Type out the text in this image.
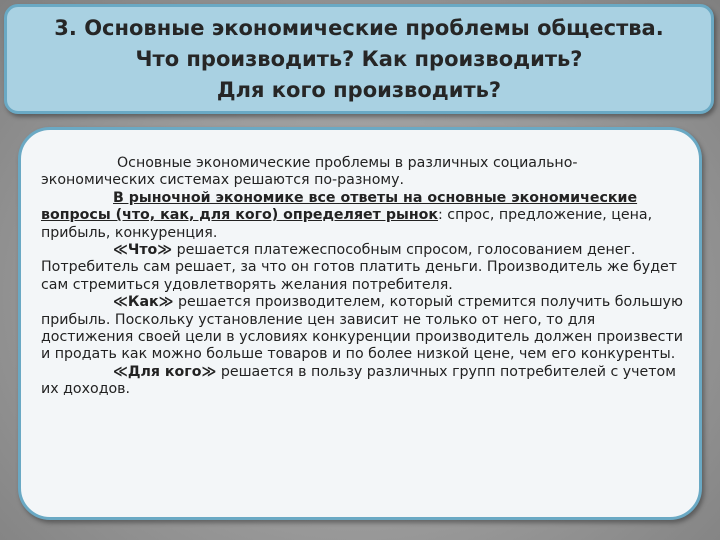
3. Основные экономические проблемы общества.
Что производить? Как производить?
Для кого производить?

Основные экономические проблемы в различных социально-экономических системах решаются по-разному.

В рыночной экономике все ответы на основные экономические вопросы (что, как, для кого) определяет рынок: спрос, предложение, цена, прибыль, конкуренция.

≪Что≫ решается платежеспособным спросом, голосованием денег. Потребитель сам решает, за что он готов платить деньги. Производитель же будет сам стремиться удовлетворять желания потребителя.

≪Как≫ решается производителем, который стремится получить большую прибыль. Поскольку установление цен зависит не только от него, то для достижения своей цели в условиях конкуренции производитель должен произвести и продать как можно больше товаров и по более низкой цене, чем его конкуренты.

≪Для кого≫ решается в пользу различных групп потребителей с учетом их доходов.
